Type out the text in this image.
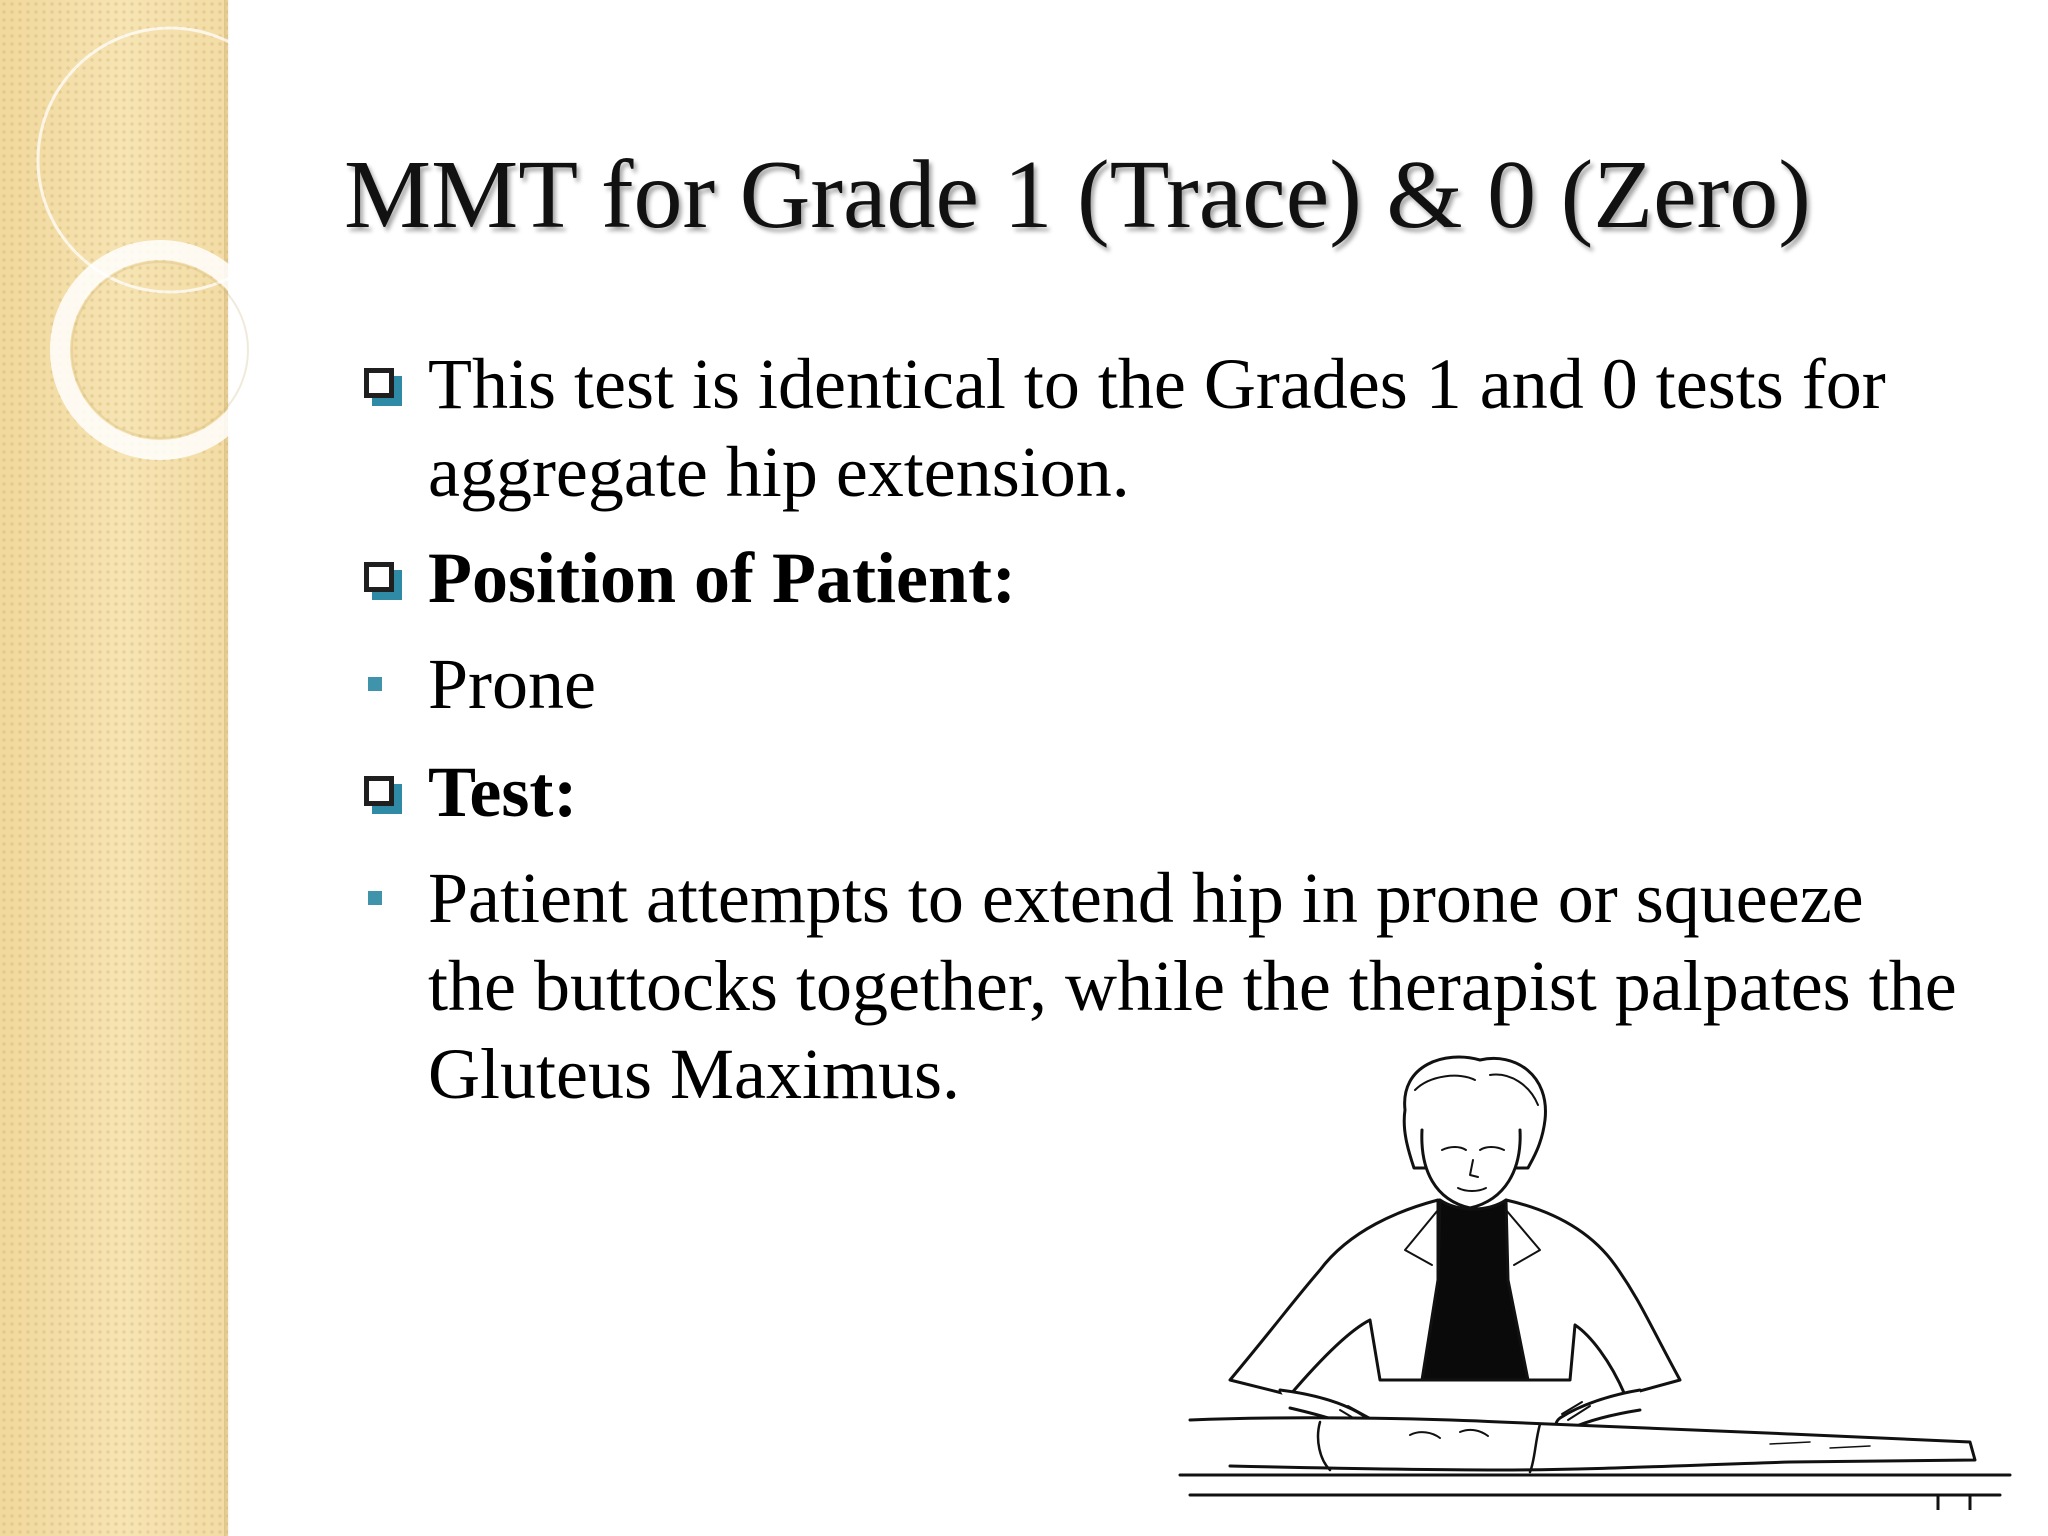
MMT for Grade 1 (Trace) & 0 (Zero)
This test is identical to the Grades 1 and 0 tests for aggregate hip extension.
Position of Patient:
Prone
Test:
Patient attempts to extend hip in prone or squeeze the buttocks together, while the therapist palpates the Gluteus Maximus.
